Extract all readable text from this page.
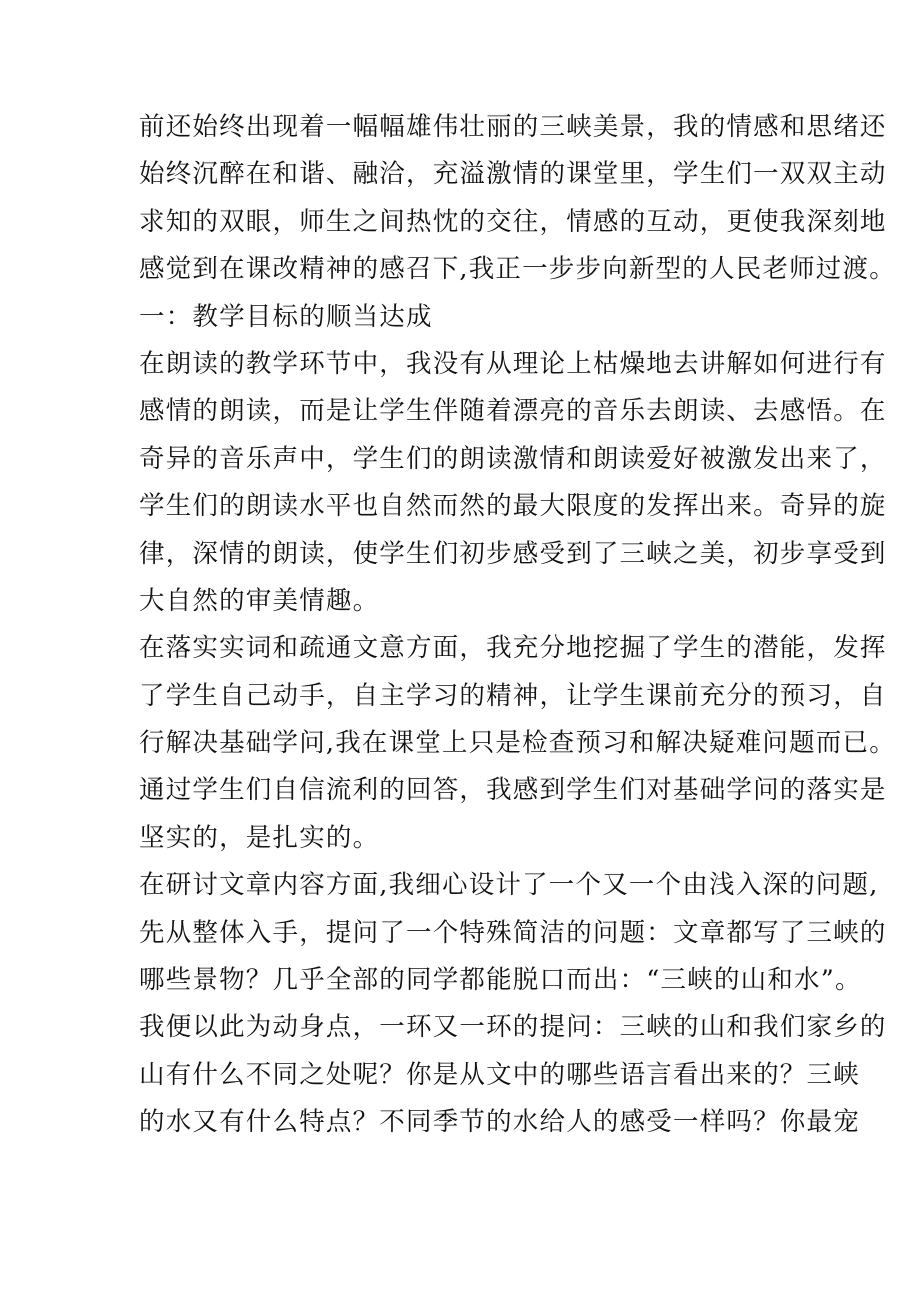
前还始终出现着一幅幅雄伟壮丽的三峡美景，我的情感和思绪还
始终沉醉在和谐、融洽，充溢激情的课堂里，学生们一双双主动
求知的双眼，师生之间热忱的交往，情感的互动，更使我深刻地
感觉到在课改精神的感召下,我正一步步向新型的人民老师过渡。
一：教学目标的顺当达成
在朗读的教学环节中，我没有从理论上枯燥地去讲解如何进行有
感情的朗读，而是让学生伴随着漂亮的音乐去朗读、去感悟。在
奇异的音乐声中，学生们的朗读激情和朗读爱好被激发出来了，
学生们的朗读水平也自然而然的最大限度的发挥出来。奇异的旋
律，深情的朗读，使学生们初步感受到了三峡之美，初步享受到
大自然的审美情趣。
在落实实词和疏通文意方面，我充分地挖掘了学生的潜能，发挥
了学生自己动手，自主学习的精神，让学生课前充分的预习，自
行解决基础学问,我在课堂上只是检查预习和解决疑难问题而已。
通过学生们自信流利的回答，我感到学生们对基础学问的落实是
坚实的，是扎实的。
在研讨文章内容方面,我细心设计了一个又一个由浅入深的问题,
先从整体入手，提问了一个特殊简洁的问题：文章都写了三峡的
哪些景物？几乎全部的同学都能脱口而出：“三峡的山和水”。
我便以此为动身点，一环又一环的提问：三峡的山和我们家乡的
山有什么不同之处呢？你是从文中的哪些语言看出来的？三峡
的水又有什么特点？不同季节的水给人的感受一样吗？你最宠
